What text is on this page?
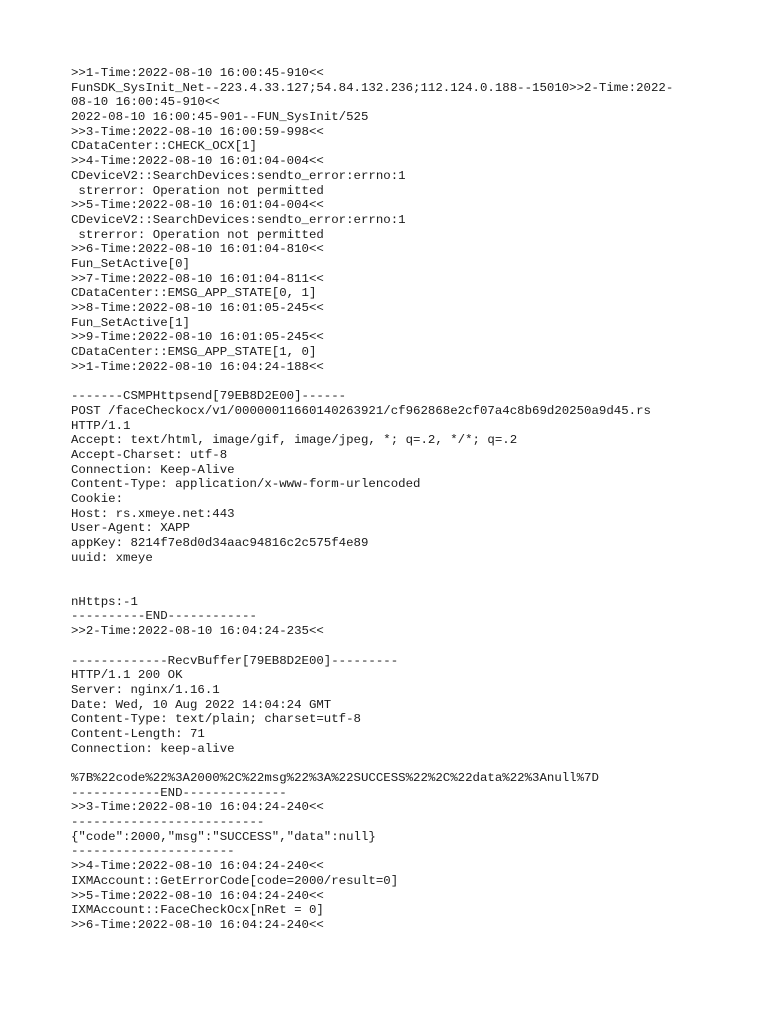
>>1-Time:2022-08-10 16:00:45-910<<
FunSDK_SysInit_Net--223.4.33.127;54.84.132.236;112.124.0.188--15010>>2-Time:2022-
08-10 16:00:45-910<<
2022-08-10 16:00:45-901--FUN_SysInit/525
>>3-Time:2022-08-10 16:00:59-998<<
CDataCenter::CHECK_OCX[1]
>>4-Time:2022-08-10 16:01:04-004<<
CDeviceV2::SearchDevices:sendto_error:errno:1
strerror: Operation not permitted
>>5-Time:2022-08-10 16:01:04-004<<
CDeviceV2::SearchDevices:sendto_error:errno:1
strerror: Operation not permitted
>>6-Time:2022-08-10 16:01:04-810<<
Fun_SetActive[0]
>>7-Time:2022-08-10 16:01:04-811<<
CDataCenter::EMSG_APP_STATE[0, 1]
>>8-Time:2022-08-10 16:01:05-245<<
Fun_SetActive[1]
>>9-Time:2022-08-10 16:01:05-245<<
CDataCenter::EMSG_APP_STATE[1, 0]
>>1-Time:2022-08-10 16:04:24-188<<
-------CSMPHttpsend[79EB8D2E00]------
POST /faceCheckocx/v1/00000011660140263921/cf962868e2cf07a4c8b69d20250a9d45.rs
HTTP/1.1
Accept: text/html, image/gif, image/jpeg, *; q=.2, */*; q=.2
Accept-Charset: utf-8
Connection: Keep-Alive
Content-Type: application/x-www-form-urlencoded
Cookie:
Host: rs.xmeye.net:443
User-Agent: XAPP
appKey: 8214f7e8d0d34aac94816c2c575f4e89
uuid: xmeye
nHttps:-1
----------END------------
>>2-Time:2022-08-10 16:04:24-235<<
-------------RecvBuffer[79EB8D2E00]---------
HTTP/1.1 200 OK
Server: nginx/1.16.1
Date: Wed, 10 Aug 2022 14:04:24 GMT
Content-Type: text/plain; charset=utf-8
Content-Length: 71
Connection: keep-alive
%7B%22code%22%3A2000%2C%22msg%22%3A%22SUCCESS%22%2C%22data%22%3Anull%7D
------------END--------------
>>3-Time:2022-08-10 16:04:24-240<<
--------------------------
{"code":2000,"msg":"SUCCESS","data":null}
----------------------
>>4-Time:2022-08-10 16:04:24-240<<
IXMAccount::GetErrorCode[code=2000/result=0]
>>5-Time:2022-08-10 16:04:24-240<<
IXMAccount::FaceCheckOcx[nRet = 0]
>>6-Time:2022-08-10 16:04:24-240<<
